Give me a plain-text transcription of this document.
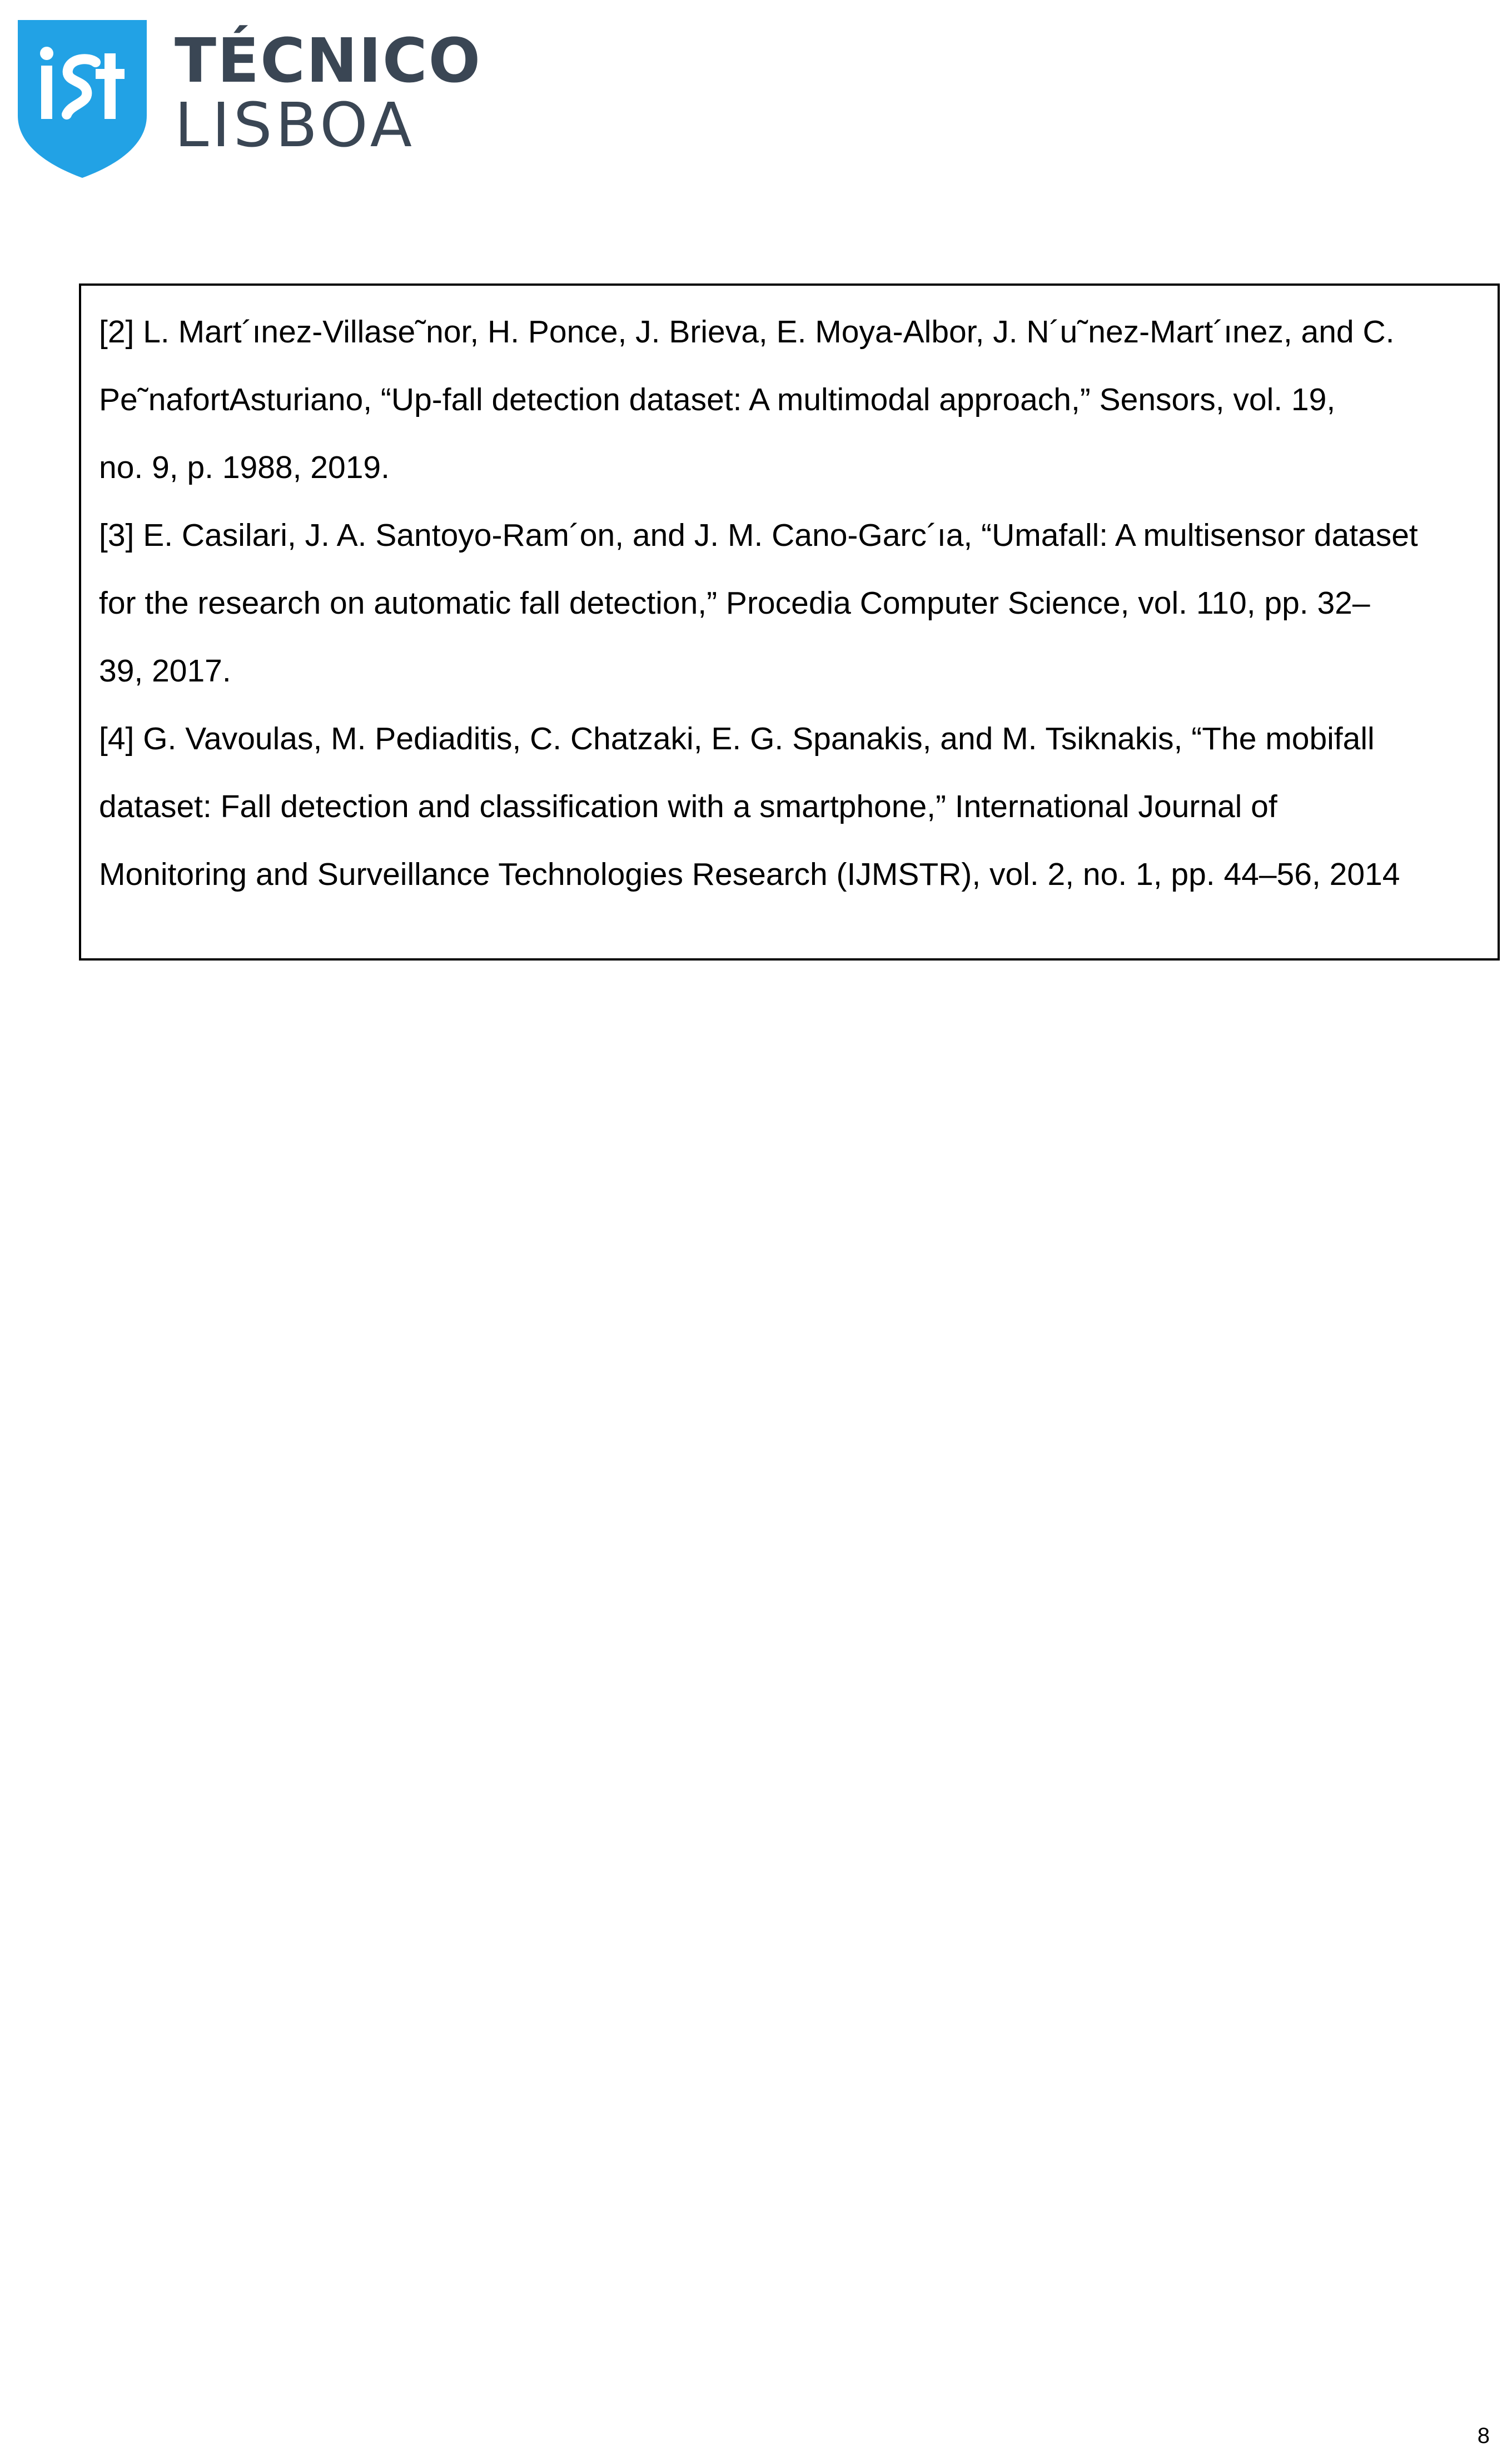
TÉCNICO
LISBOA
[2] L. Mart´ınez-Villase˜nor, H. Ponce, J. Brieva, E. Moya-Albor, J. N´u˜nez-Mart´ınez, and C.
Pe˜nafortAsturiano, “Up-fall detection dataset: A multimodal approach,” Sensors, vol. 19,
no. 9, p. 1988, 2019.
[3] E. Casilari, J. A. Santoyo-Ram´on, and J. M. Cano-Garc´ıa, “Umafall: A multisensor dataset
for the research on automatic fall detection,” Procedia Computer Science, vol. 110, pp. 32–
39, 2017.
[4] G. Vavoulas, M. Pediaditis, C. Chatzaki, E. G. Spanakis, and M. Tsiknakis, “The mobifall
dataset: Fall detection and classification with a smartphone,” International Journal of
Monitoring and Surveillance Technologies Research (IJMSTR), vol. 2, no. 1, pp. 44–56, 2014
8
